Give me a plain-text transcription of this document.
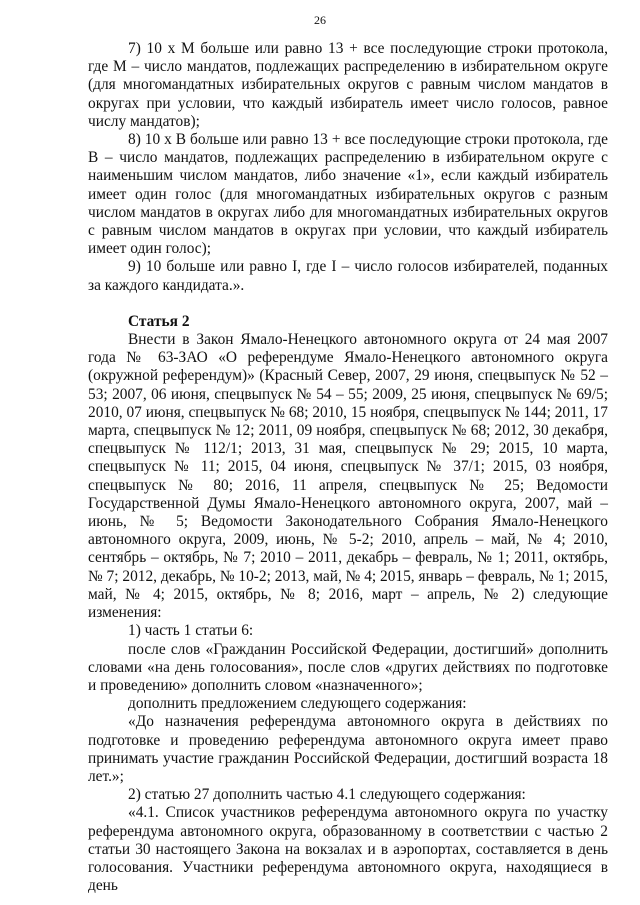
26

7) 10 х М больше или равно 13 + все последующие строки протокола, где М – число мандатов, подлежащих распределению в избирательном округе (для многомандатных избирательных округов с равным числом мандатов в округах при условии, что каждый избиратель имеет число голосов, равное числу мандатов);

8) 10 х В больше или равно 13 + все последующие строки протокола, где В – число мандатов, подлежащих распределению в избирательном округе с наименьшим числом мандатов, либо значение «1», если каждый избиратель имеет один голос (для многомандатных избирательных округов с разным числом мандатов в округах либо для многомандатных избирательных округов с равным числом мандатов в округах при условии, что каждый избиратель имеет один голос);

9) 10 больше или равно I, где I – число голосов избирателей, поданных за каждого кандидата.».

Статья 2

Внести в Закон Ямало-Ненецкого автономного округа от 24 мая 2007 года № 63-ЗАО «О референдуме Ямало-Ненецкого автономного округа (окружной референдум)» (Красный Север, 2007, 29 июня, спецвыпуск № 52 – 53; 2007, 06 июня, спецвыпуск № 54 – 55; 2009, 25 июня, спецвыпуск № 69/5; 2010, 07 июня, спецвыпуск № 68; 2010, 15 ноября, спецвыпуск № 144; 2011, 17 марта, спецвыпуск № 12; 2011, 09 ноября, спецвыпуск № 68; 2012, 30 декабря, спецвыпуск № 112/1; 2013, 31 мая, спецвыпуск № 29; 2015, 10 марта, спецвыпуск № 11; 2015, 04 июня, спецвыпуск № 37/1; 2015, 03 ноября, спецвыпуск № 80; 2016, 11 апреля, спецвыпуск № 25; Ведомости Государственной Думы Ямало-Ненецкого автономного округа, 2007, май – июнь, № 5; Ведомости Законодательного Собрания Ямало-Ненецкого автономного округа, 2009, июнь, № 5-2; 2010, апрель – май, № 4; 2010, сентябрь – октябрь, № 7; 2010 – 2011, декабрь – февраль, № 1; 2011, октябрь, № 7; 2012, декабрь, № 10-2; 2013, май, № 4; 2015, январь – февраль, № 1; 2015, май, № 4; 2015, октябрь, № 8; 2016, март – апрель, № 2) следующие изменения:

1) часть 1 статьи 6:

после слов «Гражданин Российской Федерации, достигший» дополнить словами «на день голосования», после слов «других действиях по подготовке и проведению» дополнить словом «назначенного»;

дополнить предложением следующего содержания:

«До назначения референдума автономного округа в действиях по подготовке и проведению референдума автономного округа имеет право принимать участие гражданин Российской Федерации, достигший возраста 18 лет.»;

2) статью 27 дополнить частью 4.1 следующего содержания:

«4.1. Список участников референдума автономного округа по участку референдума автономного округа, образованному в соответствии с частью 2 статьи 30 настоящего Закона на вокзалах и в аэропортах, составляется в день голосования. Участники референдума автономного округа, находящиеся в день
